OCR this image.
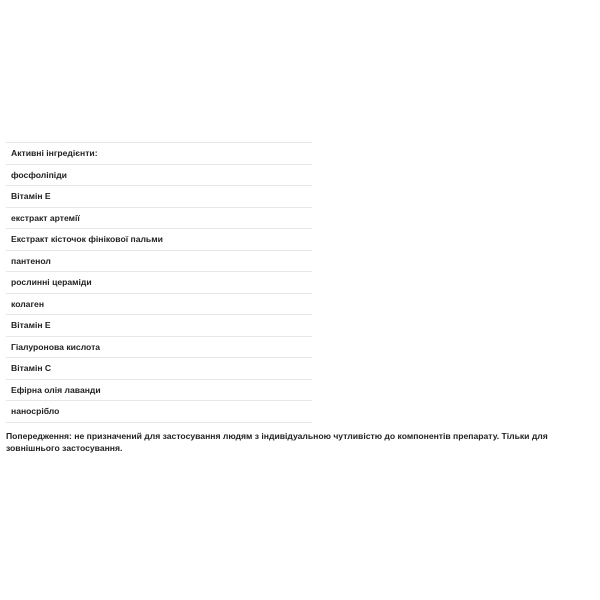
Активні інгредієнти:
фосфоліпіди
Вітамін Е
екстракт артемії
Екстракт кісточок фінікової пальми
пантенол
рослинні цераміди
колаген
Вітамін Е
Гіалуронова кислота
Вітамін С
Ефірна олія лаванди
наносрібло

Попередження: не призначений для застосування людям з індивідуальною чутливістю до компонентів препарату. Тільки для зовнішнього застосування.
